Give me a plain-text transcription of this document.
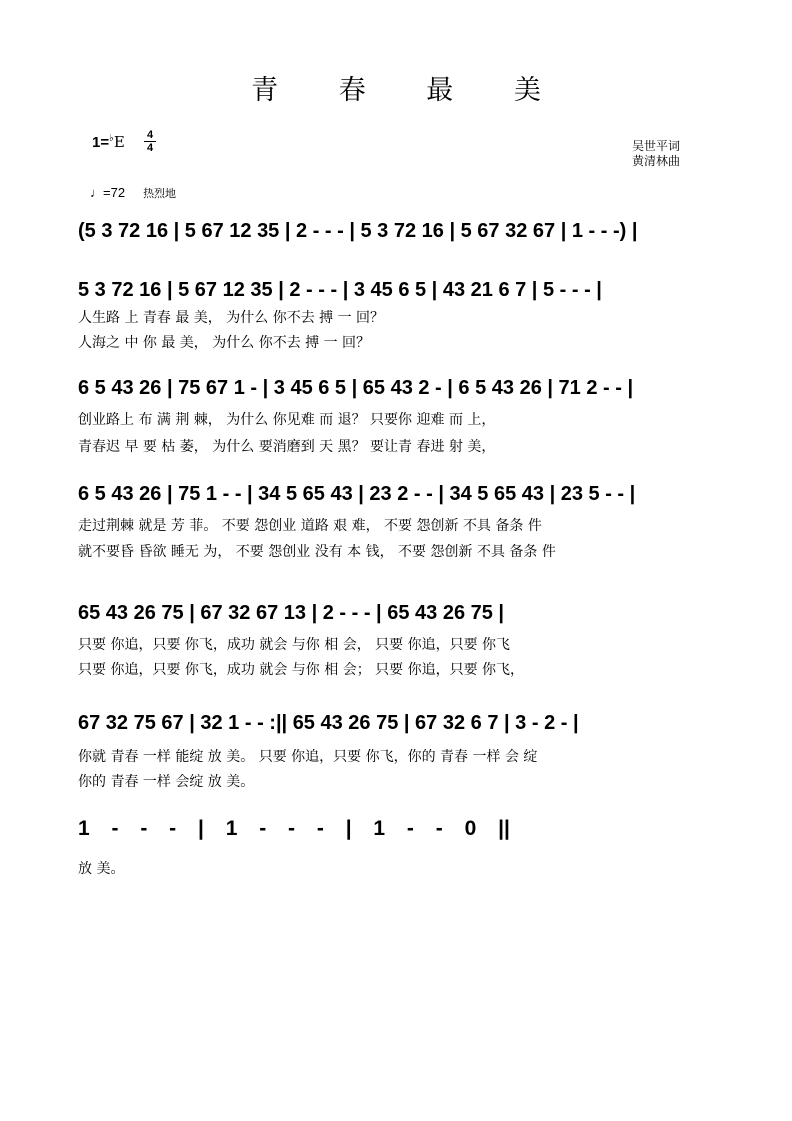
青 春 最 美
1=♭E 4
4	吴世平词
黄清林曲
♩=72 热烈地
(5 3 72 16 | 5 67 12 35 | 2 - - - | 5 3 72 16 | 5 67 32 67 | 1 - - -) |
5 3 72 16 | 5 67 12 35 | 2 - - - | 3 45 6 5 | 43 21 6 7 | 5 - - - |
人生路 上 青春 最 美， 为什么 你不去 搏 一 回？
人海之 中 你 最 美， 为什么 你不去 搏 一 回？
6 5 43 26 | 75 67 1 - | 3 45 6 5 | 65 43 2 - | 6 5 43 26 | 71 2 - - |
创业路上 布 满 荆 棘， 为什么 你见难 而 退？ 只要你 迎难 而 上，
青春迟 早 要 枯 萎， 为什么 要消磨到 天 黑？ 要让青 春进 射 美，
6 5 43 26 | 75 1 - - | 34 5 65 43 | 23 2 - - | 34 5 65 43 | 23 5 - - |
走过荆棘 就是 芳 菲。 不要 怨创业 道路 艰 难， 不要 怨创新 不具 备条 件
就不要昏 昏欲 睡无 为， 不要 怨创业 没有 本 钱， 不要 怨创新 不具 备条 件
65 43 26 75 | 67 32 67 13 | 2 - - - | 65 43 26 75 |
只要 你追，只要 你飞，成功 就会 与你 相 会， 只要 你追，只要 你飞
只要 你追，只要 你飞，成功 就会 与你 相 会； 只要 你追，只要 你飞，
67 32 75 67 | 32 1 - - :|| 65 43 26 75 | 67 32 6 7 | 3 - 2 - |
你就 青春 一样 能绽 放 美。 只要 你追，只要 你飞，你的 青春 一样 会 绽
你的 青春 一样 会绽 放 美。
1 - - - | 1 - - - | 1 - - 0 ||
放 美。
